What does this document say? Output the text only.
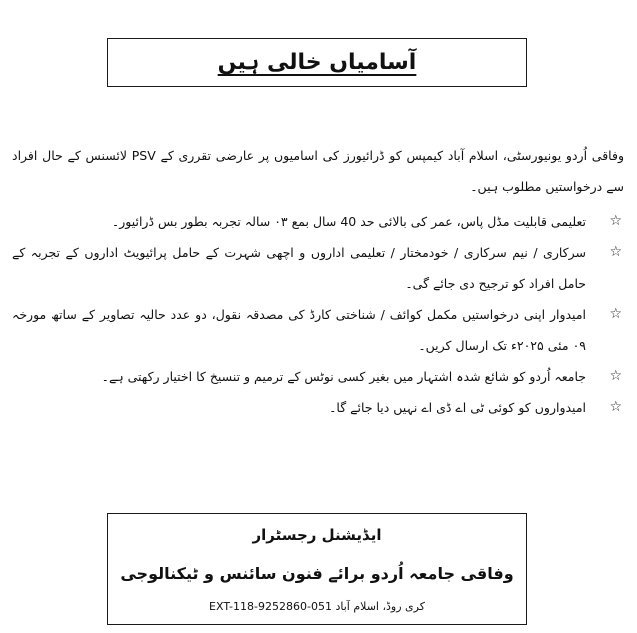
آسامیاں خالی ہیں

وفاقی اُردو یونیورسٹی، اسلام آباد کیمپس کو ڈرائیورز کی اسامیوں پر عارضی تقرری کے PSV لائسنس کے حال افراد سے درخواستیں مطلوب ہیں۔

☆
تعلیمی قابلیت مڈل پاس، عمر کی بالائی حد 40 سال بمع ۰۳ سالہ تجربہ بطور بس ڈرائیور۔
☆
سرکاری / نیم سرکاری / خودمختار / تعلیمی اداروں و اچھی شہرت کے حامل پرائیویٹ اداروں کے تجربہ کے حامل افراد کو ترجیح دی جائے گی۔
☆
امیدوار اپنی درخواستیں مکمل کوائف / شناختی کارڈ کی مصدقہ نقول، دو عدد حالیہ تصاویر کے ساتھ مورخہ ۰۹ مئی ۲۰۲۵ء تک ارسال کریں۔
☆
جامعہ اُردو کو شائع شدہ اشتہار میں بغیر کسی نوٹس کے ترمیم و تنسیخ کا اختیار رکھتی ہے۔
☆
امیدواروں کو کوئی ٹی اے ڈی اے نہیں دیا جائے گا۔
ایڈیشنل رجسٹرار
وفاقی جامعہ اُردو برائے فنون سائنس و ٹیکنالوجی
کری روڈ، اسلام آباد 051-9252860-EXT-118
